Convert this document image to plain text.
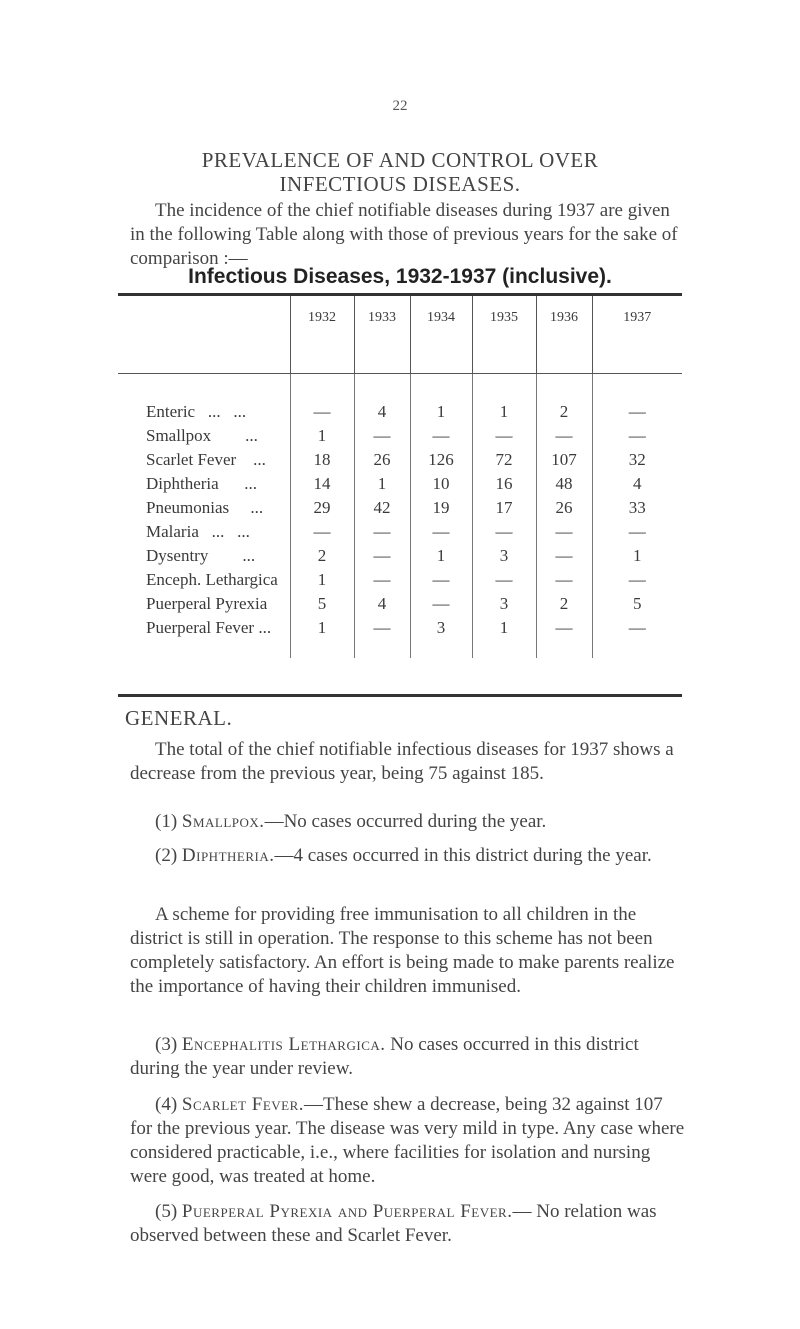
22
PREVALENCE OF AND CONTROL OVER
INFECTIOUS DISEASES.

The incidence of the chief notifiable diseases during 1937 are given in the following Table along with those of previous years for the sake of comparison :—

Infectious Diseases, 1932-1937 (inclusive).
	1932	1933	1934	1935	1936	1937

Enteric   ...   ...	—	4	1	1	2	—
Smallpox        ...	1	—	—	—	—	—
Scarlet Fever    ...	18	26	126	72	107	32
Diphtheria      ...	14	1	10	16	48	4
Pneumonias     ...	29	42	19	17	26	33
Malaria   ...   ...	—	—	—	—	—	—
Dysentry        ...	2	—	1	3	—	1
Enceph. Lethargica	1	—	—	—	—	—
Puerperal Pyrexia	5	4	—	3	2	5
Puerperal Fever ...	1	—	3	1	—	—

GENERAL.

The total of the chief notifiable infectious diseases for 1937 shows a decrease from the previous year, being 75 against 185.

(1) Smallpox.—No cases occurred during the year.

(2) Diphtheria.—4 cases occurred in this district during the year.

A scheme for providing free immunisation to all children in the district is still in operation. The response to this scheme has not been completely satisfactory. An effort is being made to make parents realize the importance of having their children immunised.

(3) Encephalitis Lethargica. No cases occurred in this district during the year under review.

(4) Scarlet Fever.—These shew a decrease, being 32 against 107 for the previous year. The disease was very mild in type. Any case where considered practicable, i.e., where facilities for isolation and nursing were good, was treated at home.

(5) Puerperal Pyrexia and Puerperal Fever.— No relation was observed between these and Scarlet Fever.
